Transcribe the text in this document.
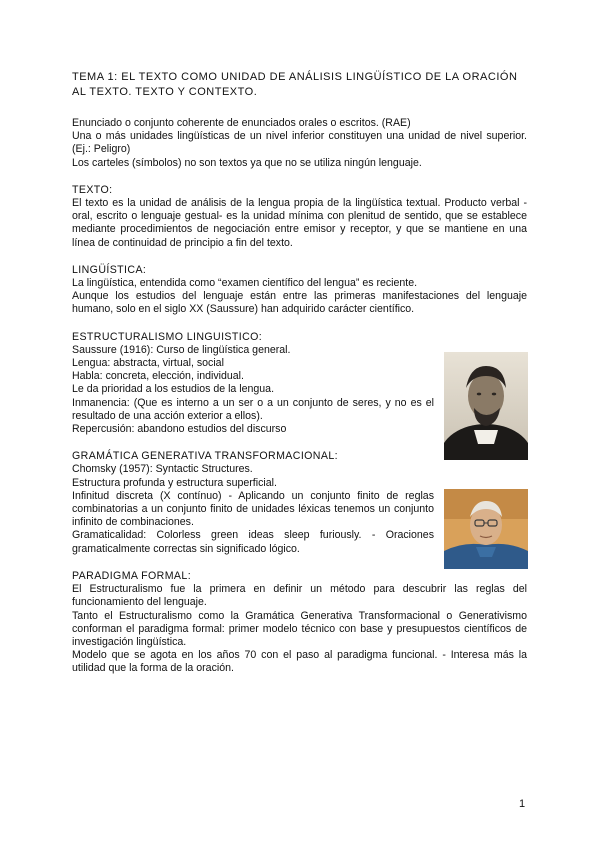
TEMA 1: EL TEXTO COMO UNIDAD DE ANÁLISIS LINGÜÍSTICO DE LA ORACIÓN AL TEXTO. TEXTO Y CONTEXTO.
Enunciado o conjunto coherente de enunciados orales o escritos. (RAE)
Una o más unidades lingüísticas de un nivel inferior constituyen una unidad de nivel superior. (Ej.: Peligro)
Los carteles (símbolos) no son textos ya que no se utiliza ningún lenguaje.
TEXTO:
El texto es la unidad de análisis de la lengua propia de la lingüística textual. Producto verbal -oral, escrito o lenguaje gestual- es la unidad mínima con plenitud de sentido, que se establece mediante procedimientos de negociación entre emisor y receptor, y que se mantiene en una línea de continuidad de principio a fin del texto.
LINGÜÍSTICA:
La lingüística, entendida como “examen científico del lengua” es reciente.
Aunque los estudios del lenguaje están entre las primeras manifestaciones del lenguaje humano, solo en el siglo XX (Saussure) han adquirido carácter científico.
ESTRUCTURALISMO LINGUISTICO:
Saussure (1916): Curso de lingüística general.
Lengua: abstracta, virtual, social
Habla: concreta, elección, individual.
Le da prioridad a los estudios de la lengua.
Inmanencia: (Que es interno a un ser o a un conjunto de seres, y no es el resultado de una acción exterior a ellos).
Repercusión: abandono estudios del discurso
GRAMÁTICA GENERATIVA TRANSFORMACIONAL:
Chomsky (1957): Syntactic Structures.
Estructura profunda y estructura superficial.
Infinitud discreta (X contínuo) - Aplicando un conjunto finito de reglas combinatorias a un conjunto finito de unidades léxicas tenemos un conjunto infinito de combinaciones.
Gramaticalidad: Colorless green ideas sleep furiously. - Oraciones gramaticalmente correctas sin significado lógico.
PARADIGMA FORMAL:
El Estructuralismo fue la primera en definir un método para descubrir las reglas del funcionamiento del lenguaje.
Tanto el Estructuralismo como la Gramática Generativa Transformacional o Generativismo conforman el paradigma formal: primer modelo técnico con base y presupuestos científicos de investigación lingüística.
Modelo que se agota en los años 70 con el paso al paradigma funcional. - Interesa más la utilidad que la forma de la oración.
1
